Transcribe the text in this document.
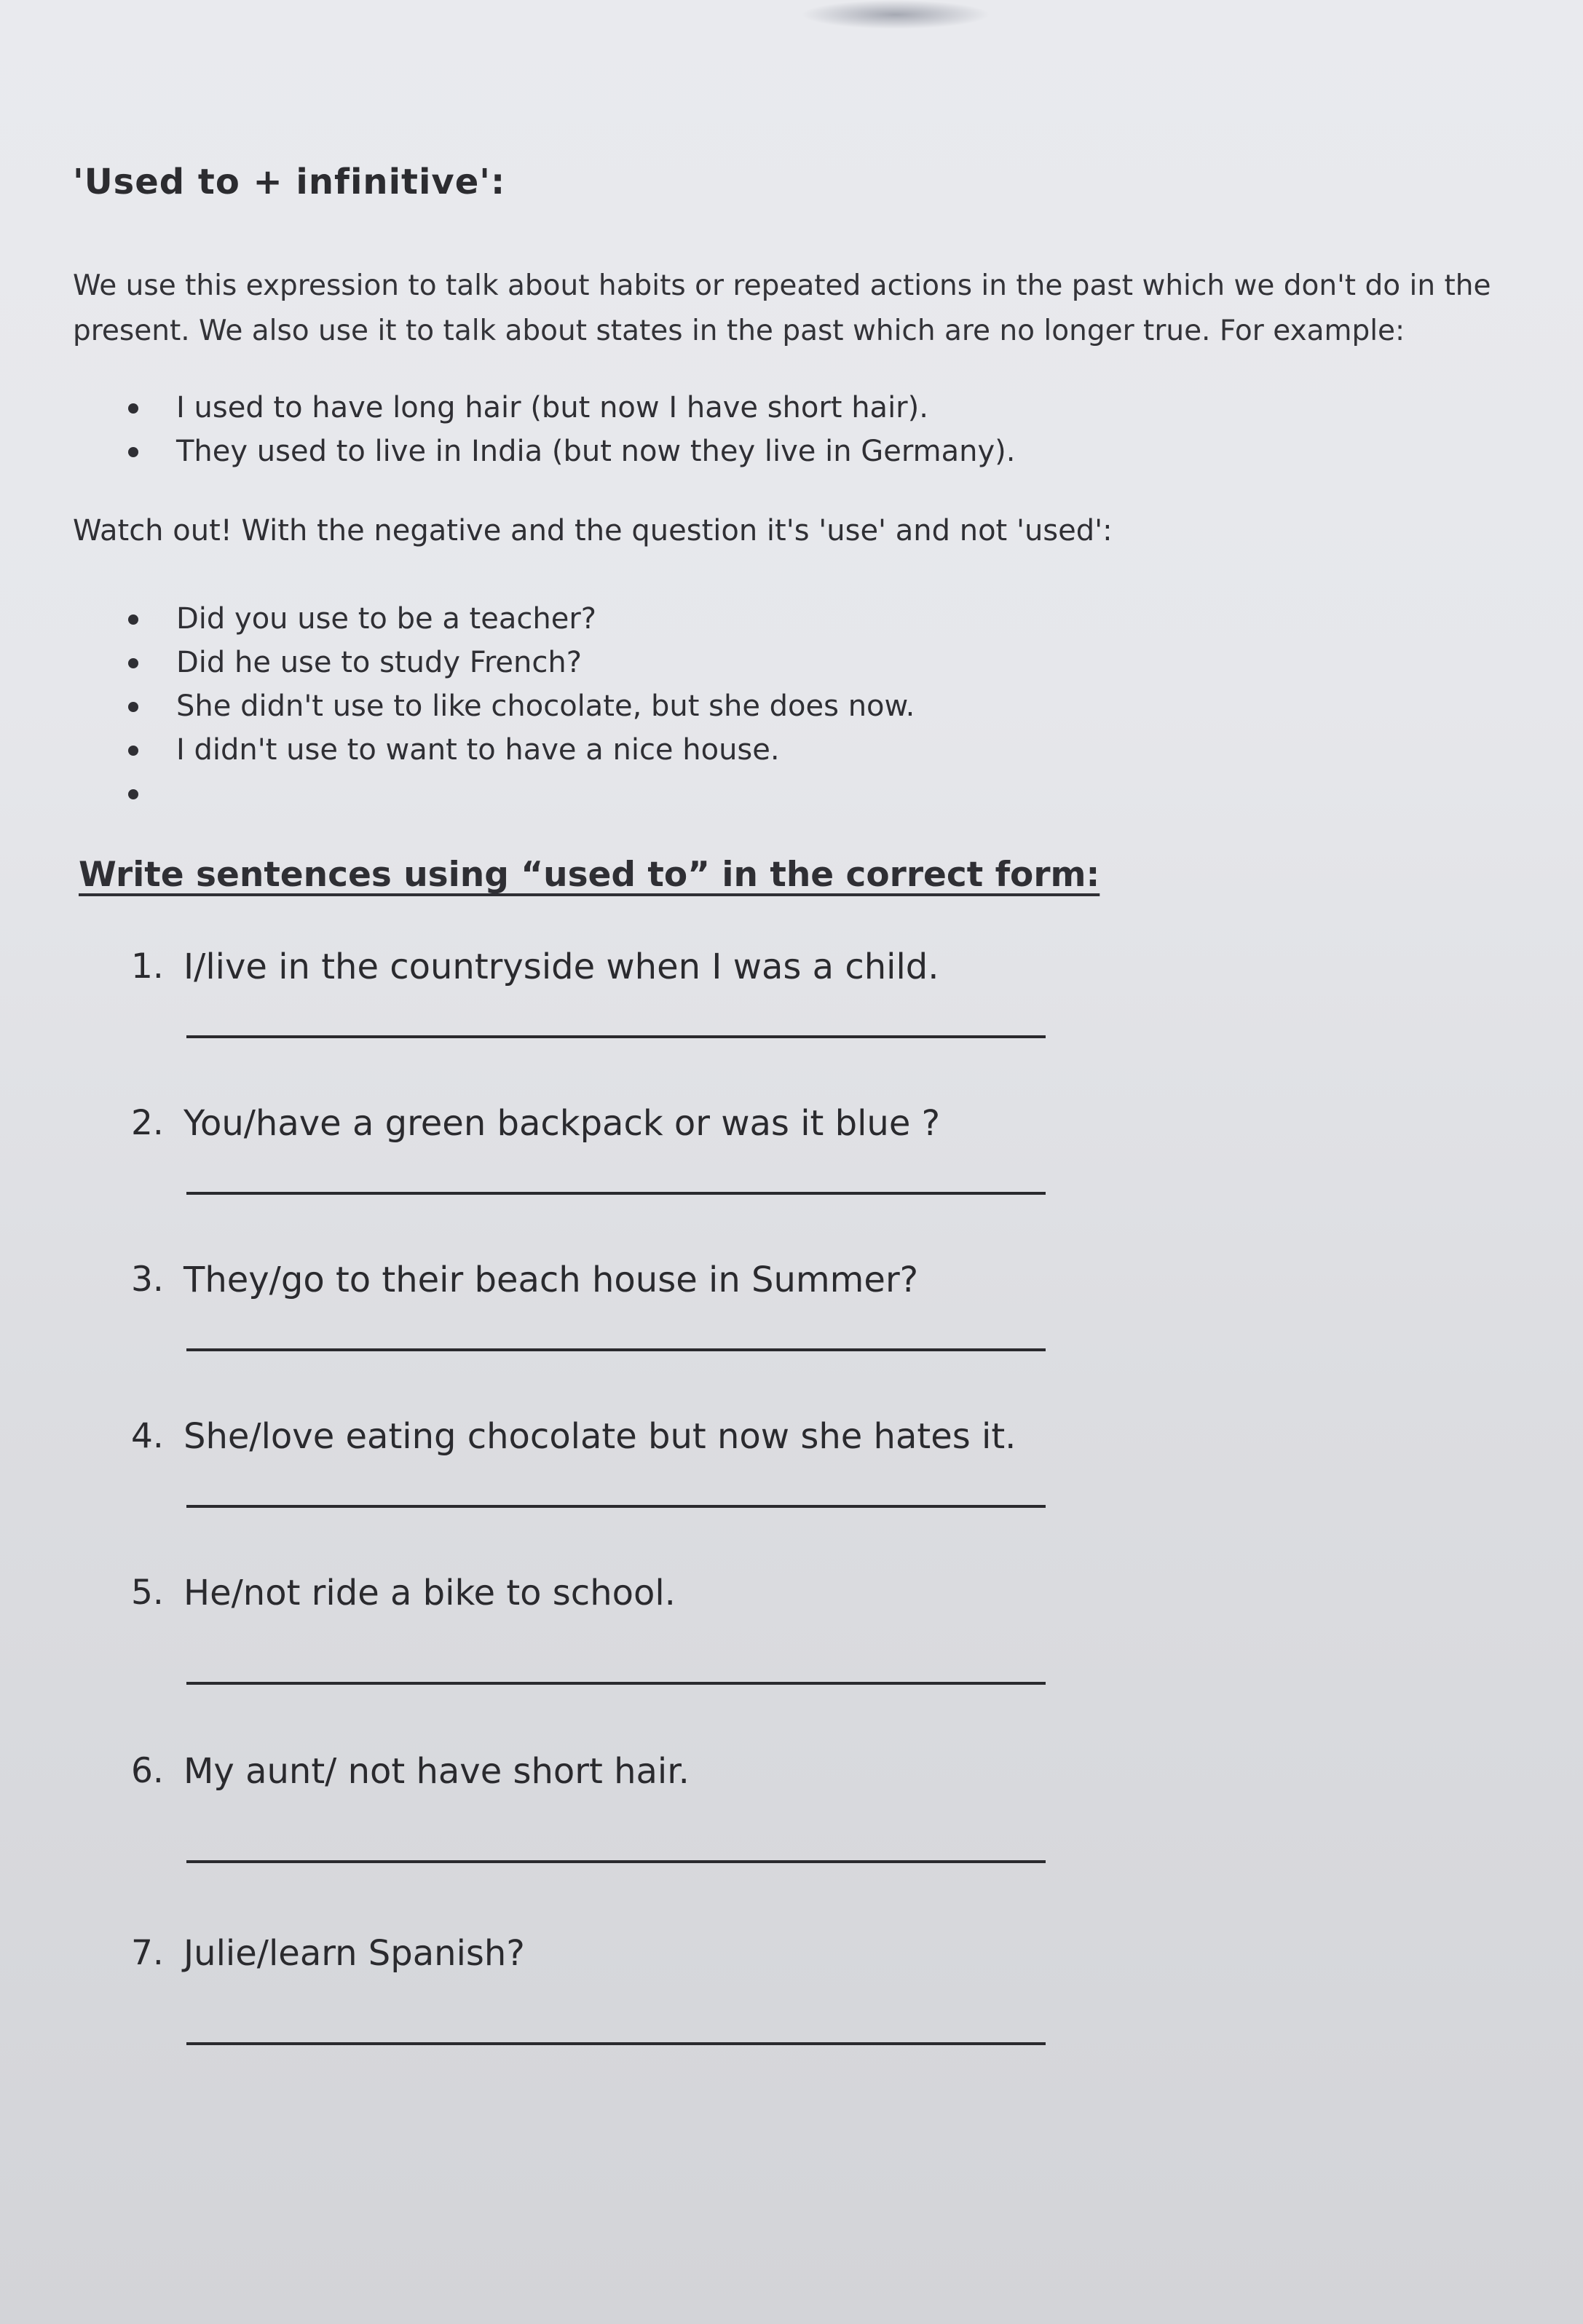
'Used to + infinitive':
We use this expression to talk about habits or repeated actions in the past which we don't do in the present. We also use it to talk about states in the past which are no longer true. For example:
I used to have long hair (but now I have short hair).
They used to live in India (but now they live in Germany).
Watch out! With the negative and the question it's 'use' and not 'used':
Did you use to be a teacher?
Did he use to study French?
She didn't use to like chocolate, but she does now.
I didn't use to want to have a nice house.
Write sentences using “used to” in the correct form:
1. I/live in the countryside when I was a child.
2. You/have a green backpack or was it blue ?
3. They/go to their beach house in Summer?
4. She/love eating chocolate but now she hates it.
5. He/not ride a bike to school.
6. My aunt/ not have short hair.
7. Julie/learn Spanish?
